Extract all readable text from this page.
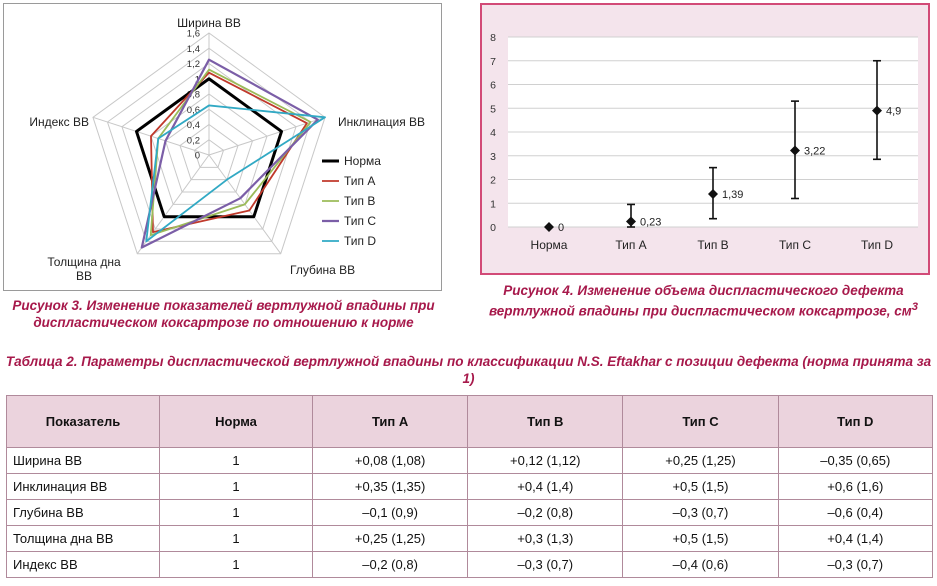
0
0,2
0,4
0,6
0,8
1
1,2
1,4
1,6
Ширина ВВ
Инклинация ВВ
Глубина ВВ
Толщина дна ВВ
Индекс ВВ
Норма
Тип А
Тип В
Тип С
Тип D
0
1
2
3
4
5
6
7
8
0
Норма
0,23
Тип А
1,39
Тип В
3,22
Тип С
4,9
Тип D
Рисунок 3. Изменение показателей вертлужной впадины при диспластическом коксартрозе по отношению к норме
Рисунок 4. Изменение объема диспластического дефекта вертлужной впадины при диспластическом коксартрозе, $см^3$
Таблица 2. Параметры диспластической вертлужной впадины по классификации N.S. Eftakhar с позиции дефекта (норма принята за 1)
Показатель	Норма	Тип А	Тип В	Тип С	Тип D
Ширина ВВ	1	+0,08 (1,08)	+0,12 (1,12)	+0,25 (1,25)	–0,35 (0,65)
Инклинация ВВ	1	+0,35 (1,35)	+0,4 (1,4)	+0,5 (1,5)	+0,6 (1,6)
Глубина ВВ	1	–0,1 (0,9)	–0,2 (0,8)	–0,3 (0,7)	–0,6 (0,4)
Толщина дна ВВ	1	+0,25 (1,25)	+0,3 (1,3)	+0,5 (1,5)	+0,4 (1,4)
Индекс ВВ	1	–0,2 (0,8)	–0,3 (0,7)	–0,4 (0,6)	–0,3 (0,7)
